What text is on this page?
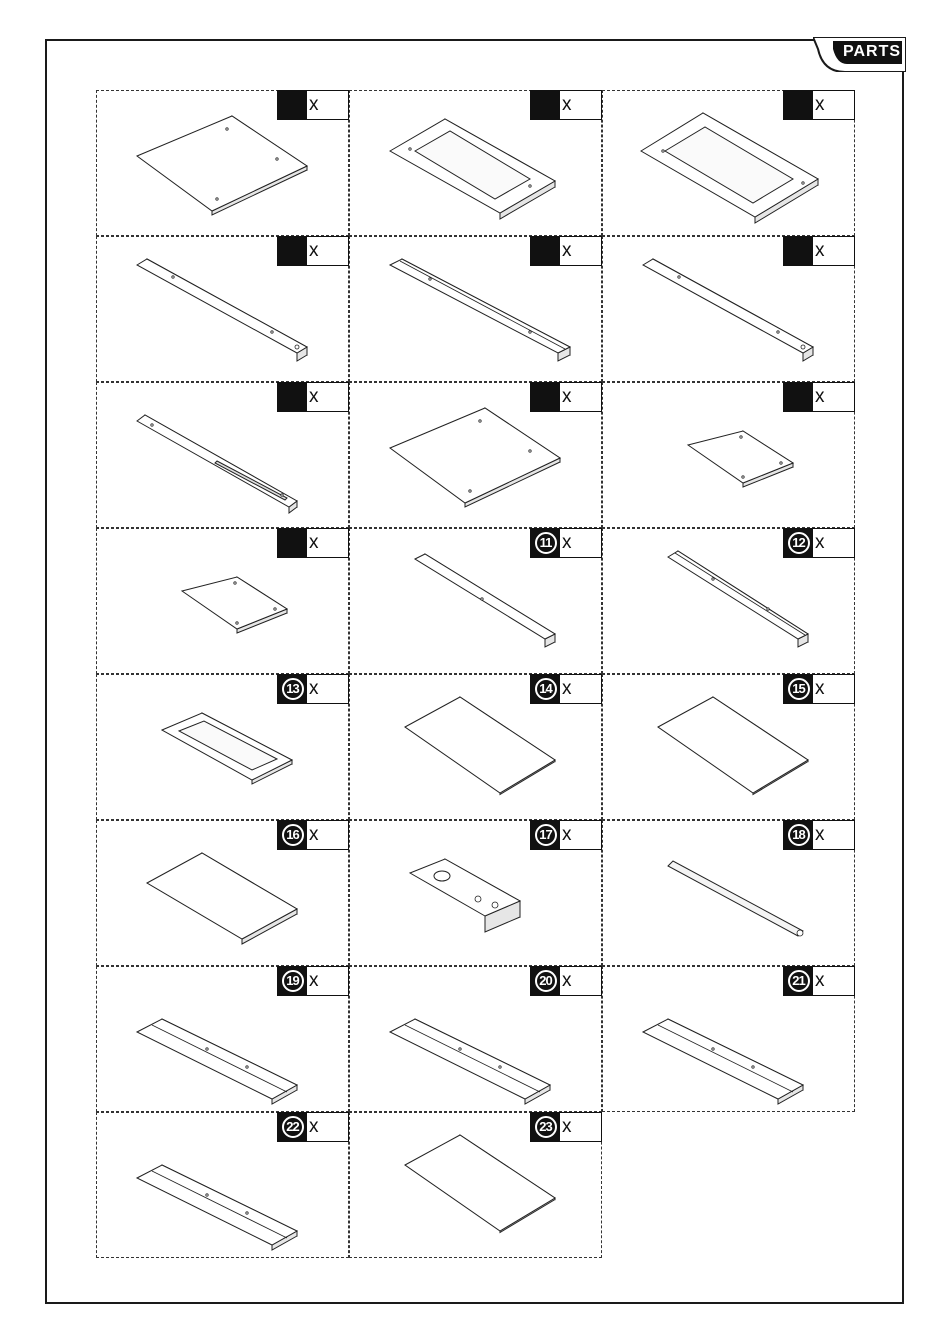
PARTS
x	x	x
x	x	x
x	x	x
x	11 x	12 x
13 x	14 x	15 x
16 x	17 x	18 x
19 x	20 x	21 x
22 x	23 x
